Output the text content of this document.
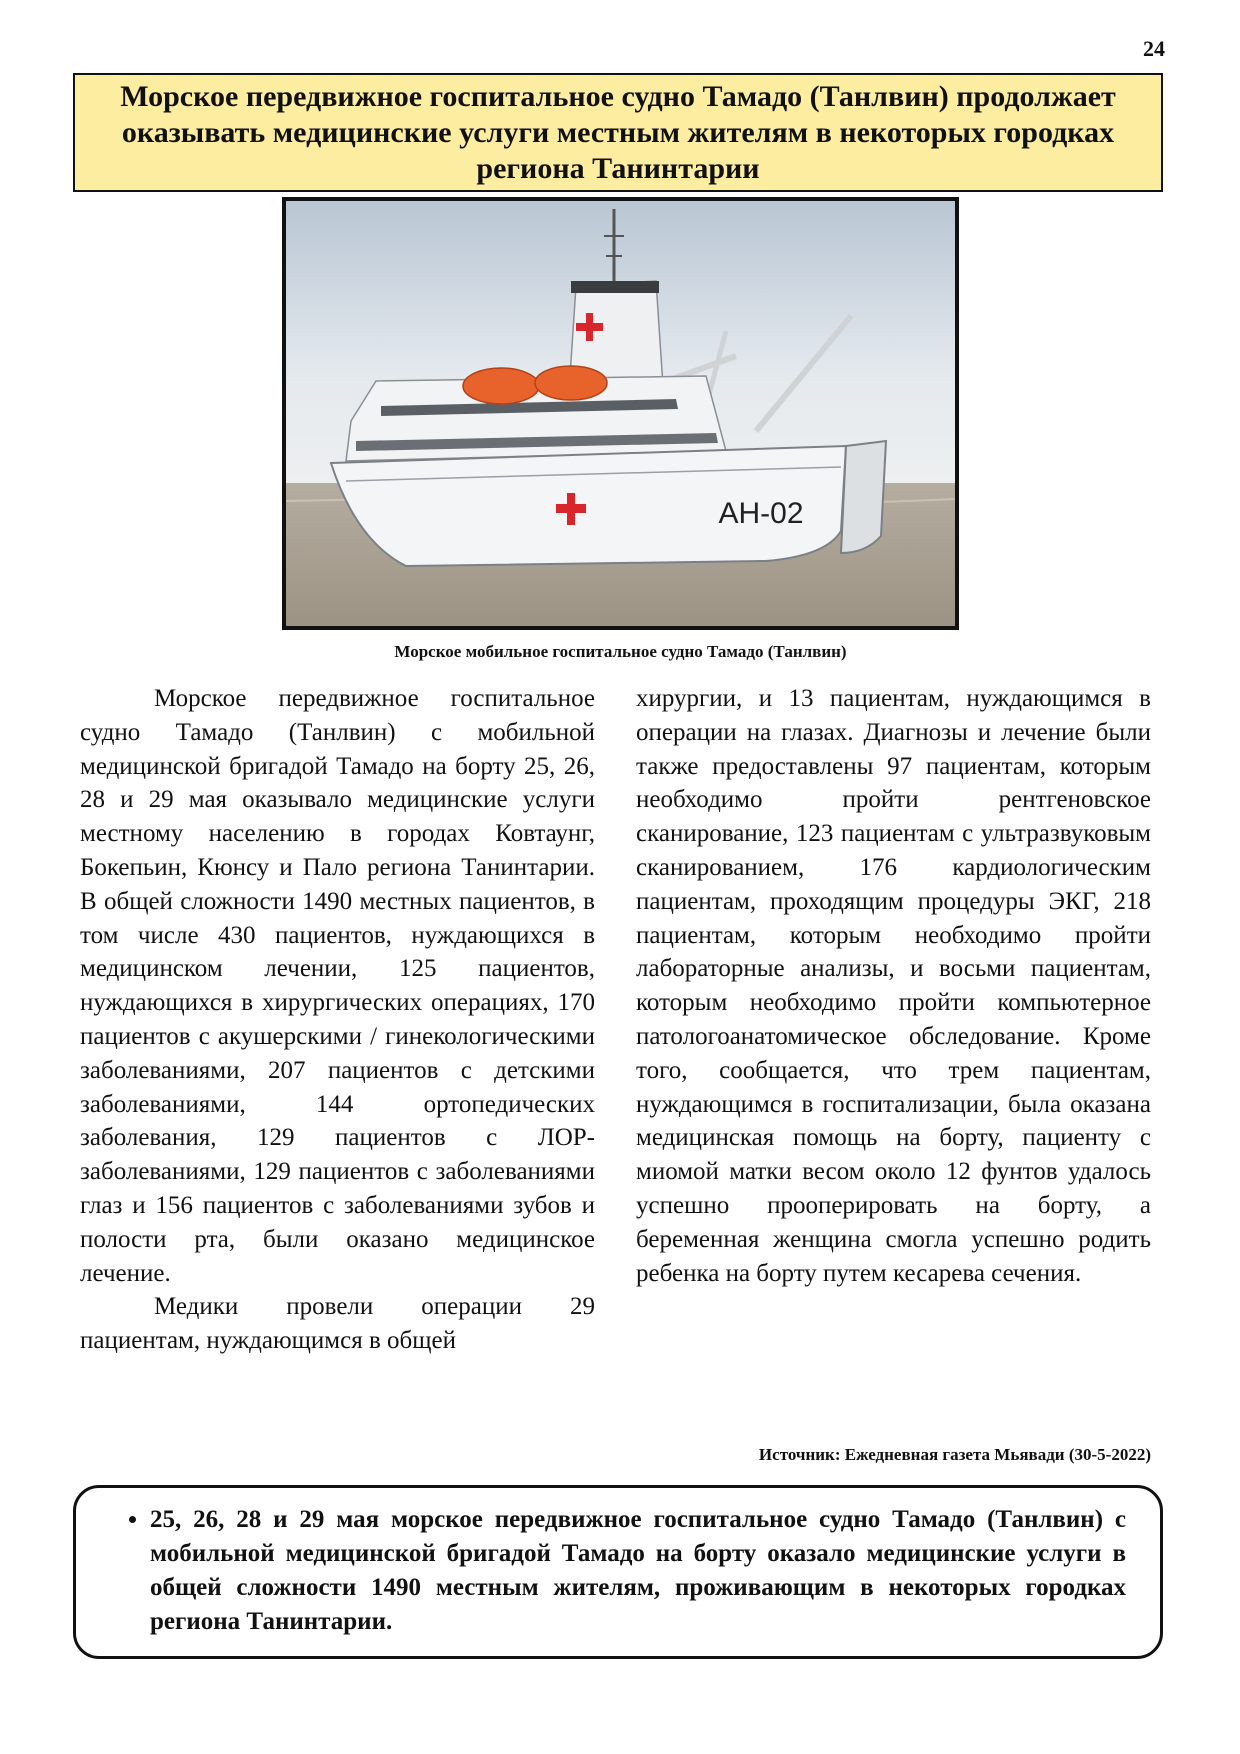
24
Морское передвижное госпитальное судно Тамадо (Танлвин) продолжает оказывать медицинские услуги местным жителям в некоторых городках региона Танинтарии
AH-02
Морское мобильное госпитальное судно Тамадо (Танлвин)

Морское передвижное госпитальное судно Тамадо (Танлвин) с мобильной медицинской бригадой Тамадо на борту 25, 26, 28 и 29 мая оказывало медицинские услуги местному населению в городах Ковтаунг, Бокепьин, Кюнсу и Пало региона Танинтарии. В общей сложности 1490 местных пациентов, в том числе 430 пациентов, нуждающихся в медицинском лечении, 125 пациентов, нуждающихся в хирургических операциях, 170 пациентов с акушерскими / гинекологическими заболеваниями, 207 пациентов с детскими заболеваниями, 144 ортопедических заболевания, 129 пациентов с ЛОР-заболеваниями, 129 пациентов с заболеваниями глаз и 156 пациентов с заболеваниями зубов и полости рта, были оказано медицинское лечение.

Медики провели операции 29 пациентам, нуждающимся в общей

хирургии, и 13 пациентам, нуждающимся в операции на глазах. Диагнозы и лечение были также предоставлены 97 пациентам, которым необходимо пройти рентгеновское сканирование, 123 пациентам с ультразвуковым сканированием, 176 кардиологическим пациентам, проходящим процедуры ЭКГ, 218 пациентам, которым необходимо пройти лабораторные анализы, и восьми пациентам, которым необходимо пройти компьютерное патологоанатомическое обследование. Кроме того, сообщается, что трем пациентам, нуждающимся в госпитализации, была оказана медицинская помощь на борту, пациенту с миомой матки весом около 12 фунтов удалось успешно прооперировать на борту, а беременная женщина смогла успешно родить ребенка на борту путем кесарева сечения.

Источник: Ежедневная газета Мьявади (30-5-2022)
• 25, 26, 28 и 29 мая морское передвижное госпитальное судно Тамадо (Танлвин) с мобильной медицинской бригадой Тамадо на борту оказало медицинские услуги в общей сложности 1490 местным жителям, проживающим в некоторых городках региона Танинтарии.
